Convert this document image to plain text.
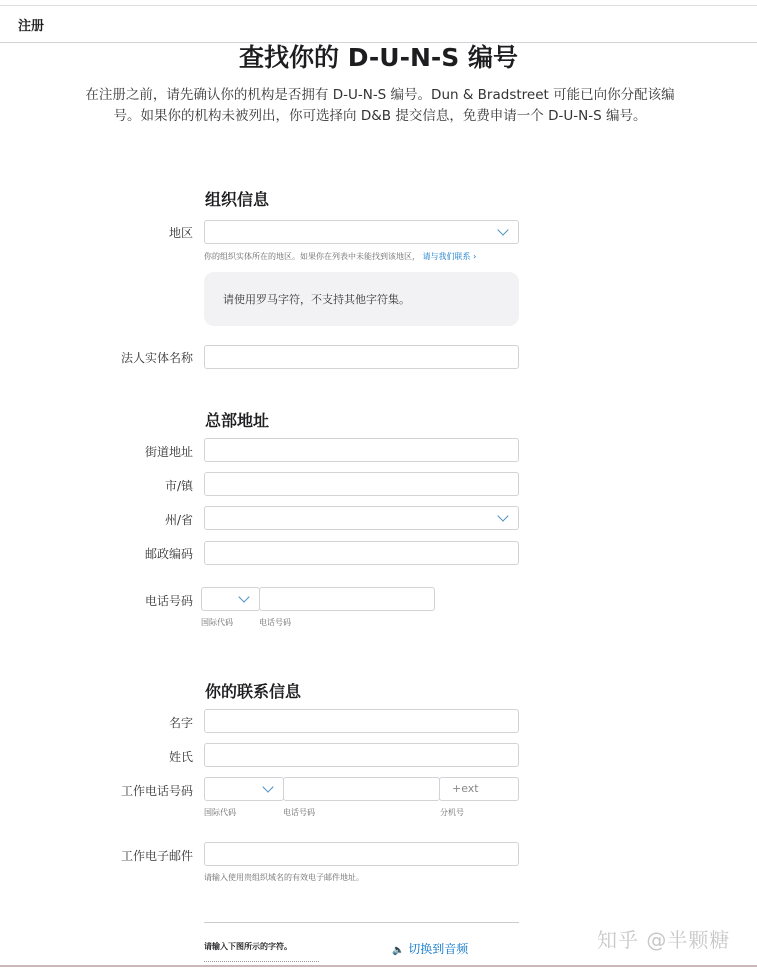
注册
查找你的 D-U-N-S 编号
在注册之前，请先确认你的机构是否拥有 D-U-N-S 编号。Dun & Bradstreet 可能已向你分配该编
号。如果你的机构未被列出，你可选择向 D&B 提交信息，免费申请一个 D-U-N-S 编号。
组织信息
地区
你的组织实体所在的地区。如果你在列表中未能找到该地区， 请与我们联系 ›
请使用罗马字符，不支持其他字符集。
法人实体名称
总部地址
街道地址
市/镇
州/省
邮政编码
电话号码
国际代码	电话号码
你的联系信息
名字
姓氏
工作电话号码	+ext
国际代码	电话号码	分机号
工作电子邮件
请输入使用贵组织域名的有效电子邮件地址。
请输入下图所示的字符。	🔈 切换到音频	知乎 @半颗糖
